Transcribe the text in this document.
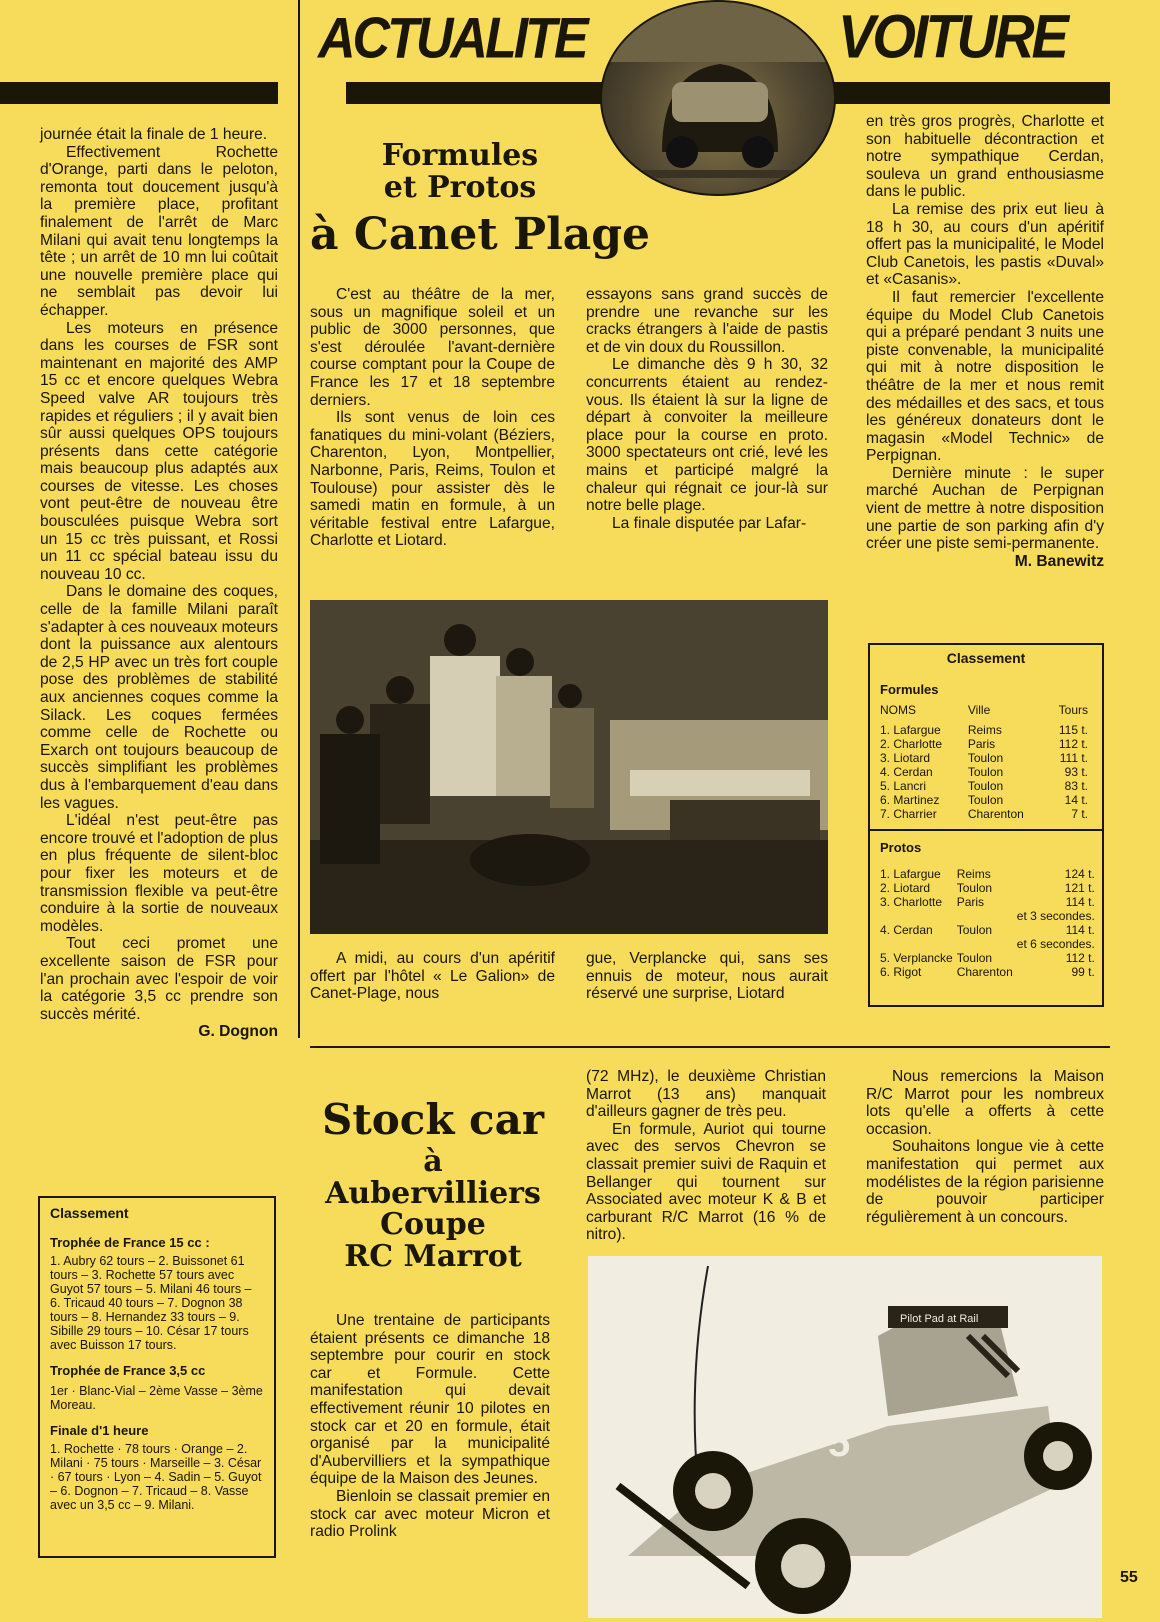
ACTUALITE	VOITURE

journée était la finale de 1 heure.

Effectivement Rochette d'Orange, parti dans le peloton, remonta tout doucement jusqu'à la première place, profitant finalement de l'arrêt de Marc Milani qui avait tenu longtemps la tête ; un arrêt de 10 mn lui coûtait une nouvelle première place qui ne semblait pas devoir lui échapper.

Les moteurs en présence dans les courses de FSR sont maintenant en majorité des AMP 15 cc et encore quelques Webra Speed valve AR toujours très rapides et réguliers ; il y avait bien sûr aussi quelques OPS toujours présents dans cette catégorie mais beaucoup plus adaptés aux courses de vitesse. Les choses vont peut-être de nouveau être bousculées puisque Webra sort un 15 cc très puissant, et Rossi un 11 cc spécial bateau issu du nouveau 10 cc.

Dans le domaine des coques, celle de la famille Milani paraît s'adapter à ces nouveaux moteurs dont la puissance aux alentours de 2,5 HP avec un très fort couple pose des problèmes de stabilité aux anciennes coques comme la Silack. Les coques fermées comme celle de Rochette ou Exarch ont toujours beaucoup de succès simplifiant les problèmes dus à l'embarquement d'eau dans les vagues.

L'idéal n'est peut-être pas encore trouvé et l'adoption de plus en plus fréquente de silent-bloc pour fixer les moteurs et de transmission flexible va peut-être conduire à la sortie de nouveaux modèles.

Tout ceci promet une excellente saison de FSR pour l'an prochain avec l'espoir de voir la catégorie 3,5 cc prendre son succès mérité.

G. Dognon
Formules
et Protos
à Canet Plage

C'est au théâtre de la mer, sous un magnifique soleil et un public de 3000 personnes, que s'est déroulée l'avant-dernière course comptant pour la Coupe de France les 17 et 18 septembre derniers.

Ils sont venus de loin ces fanatiques du mini-volant (Béziers, Charenton, Lyon, Montpellier, Narbonne, Paris, Reims, Toulon et Toulouse) pour assister dès le samedi matin en formule, à un véritable festival entre Lafargue, Charlotte et Liotard.

essayons sans grand succès de prendre une revanche sur les cracks étrangers à l'aide de pastis et de vin doux du Roussillon.

Le dimanche dès 9 h 30, 32 concurrents étaient au rendez-vous. Ils étaient là sur la ligne de départ à convoiter la meilleure place pour la course en proto. 3000 spectateurs ont crié, levé les mains et participé malgré la chaleur qui régnait ce jour-là sur notre belle plage.

La finale disputée par Lafar-

A midi, au cours d'un apéritif offert par l'hôtel « Le Galion» de Canet-Plage, nous

gue, Verplancke qui, sans ses ennuis de moteur, nous aurait réservé une surprise, Liotard

en très gros progrès, Charlotte et son habituelle décontraction et notre sympathique Cerdan, souleva un grand enthousiasme dans le public.

La remise des prix eut lieu à 18 h 30, au cours d'un apéritif offert pas la municipalité, le Model Club Canetois, les pastis «Duval» et «Casanis».

Il faut remercier l'excellente équipe du Model Club Canetois qui a préparé pendant 3 nuits une piste convenable, la municipalité qui mit à notre disposition le théâtre de la mer et nous remit des médailles et des sacs, et tous les généreux donateurs dont le magasin «Model Technic» de Perpignan.

Dernière minute : le super marché Auchan de Perpignan vient de mettre à notre disposition une partie de son parking afin d'y créer une piste semi-permanente.

M. Banewitz
Classement
Formules
NOMS	Ville	Tours

1. Lafargue	Reims	115 t.
2. Charlotte	Paris	112 t.
3. Liotard	Toulon	111 t.
4. Cerdan	Toulon	93 t.
5. Lancri	Toulon	83 t.
6. Martinez	Toulon	14 t.
7. Charrier	Charenton	7 t.
Protos
1. Lafargue	Reims	124 t.
2. Liotard	Toulon	121 t.
3. Charlotte	Paris	114 t.
		et 3 secondes.
4. Cerdan	Toulon	114 t.
		et 6 secondes.
5. Verplancke	Toulon	112 t.
6. Rigot	Charenton	99 t.
Classement
Trophée de France 15 cc :
1. Aubry 62 tours – 2. Buissonet 61 tours – 3. Rochette 57 tours avec Guyot 57 tours – 5. Milani 46 tours – 6. Tricaud 40 tours – 7. Dognon 38 tours – 8. Hernandez 33 tours – 9. Sibille 29 tours – 10. César 17 tours avec Buisson 17 tours.
Trophée de France 3,5 cc
1er · Blanc-Vial – 2ème Vasse – 3ème Moreau.
Finale d'1 heure
1. Rochette · 78 tours · Orange – 2. Milani · 75 tours · Marseille – 3. César · 67 tours · Lyon – 4. Sadin – 5. Guyot – 6. Dognon – 7. Tricaud – 8. Vasse avec un 3,5 cc – 9. Milani.
Stock car
à
Aubervilliers
Coupe
RC Marrot

Une trentaine de participants étaient présents ce dimanche 18 septembre pour courir en stock car et Formule. Cette manifestation qui devait effectivement réunir 10 pilotes en stock car et 20 en formule, était organisé par la municipalité d'Aubervilliers et la sympathique équipe de la Maison des Jeunes.

Bienloin se classait premier en stock car avec moteur Micron et radio Prolink

(72 MHz), le deuxième Christian Marrot (13 ans) manquait d'ailleurs gagner de très peu.

En formule, Auriot qui tourne avec des servos Chevron se classait premier suivi de Raquin et Bellanger qui tournent sur Associated avec moteur K & B et carburant R/C Marrot (16 % de nitro).

Nous remercions la Maison R/C Marrot pour les nombreux lots qu'elle a offerts à cette occasion.

Souhaitons longue vie à cette manifestation qui permet aux modélistes de la région parisienne de pouvoir participer régulièrement à un concours.

Pilot Pad at Rail
5
55
